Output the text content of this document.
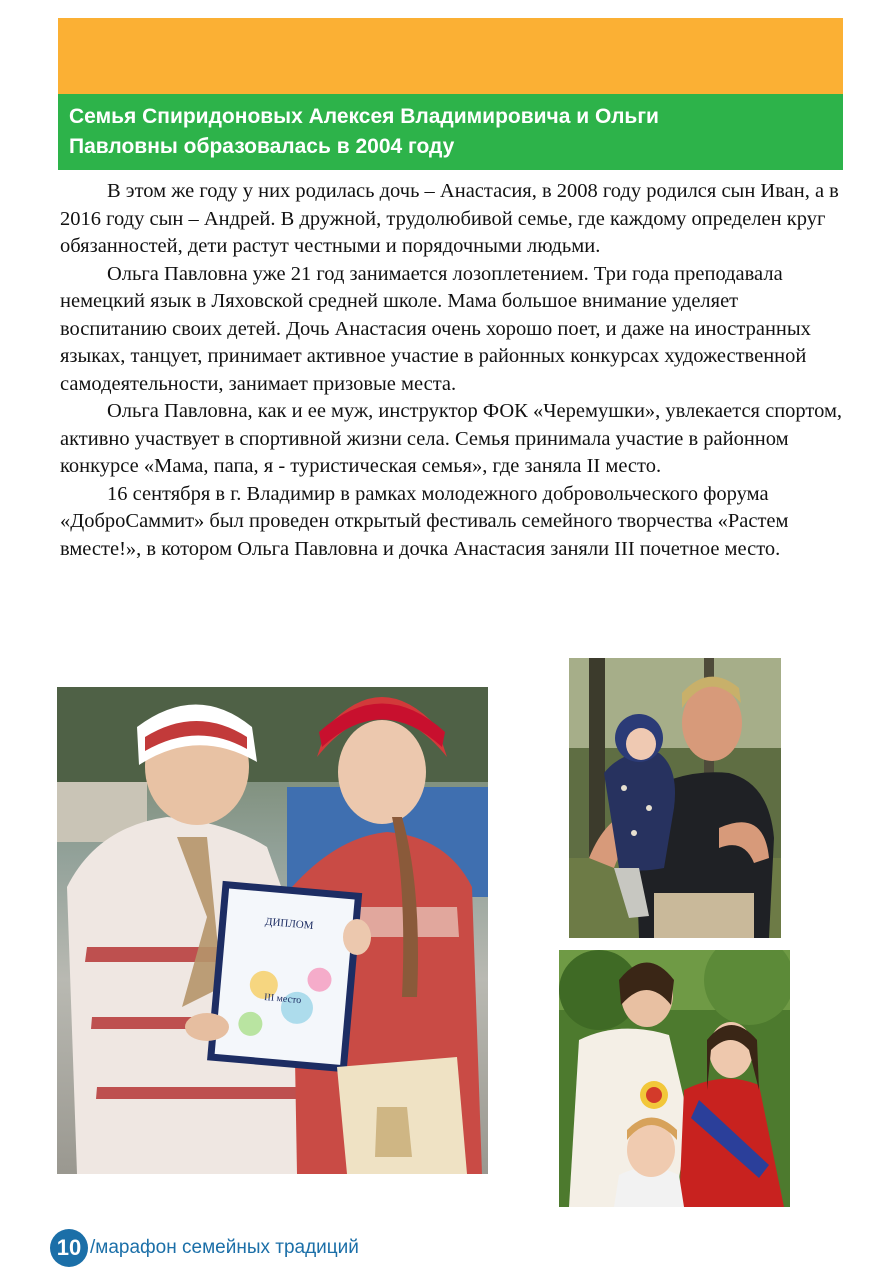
Семья Спиридоновых Алексея Владимировича и Ольги
Павловны образовалась в 2004 году

В этом же году у них родилась дочь – Анастасия, в 2008 году родился сын Иван, а в 2016 году сын – Андрей. В дружной, трудолюбивой семье, где каждому определен круг обязанностей, дети растут честными и порядочными людьми.

Ольга Павловна уже 21 год занимается лозоплетением. Три года преподавала немецкий язык в Ляховской средней школе. Мама большое внимание уделяет воспитанию своих детей. Дочь Анастасия очень хорошо поет, и даже на иностранных языках, танцует, принимает активное участие в районных конкурсах художественной самодеятельности, занимает призовые места.

Ольга Павловна, как и ее муж, инструктор ФОК «Черемушки», увлекается спортом, активно участвует в спортивной жизни села. Семья принимала участие в районном конкурсе «Мама, папа, я - туристическая семья», где заняла II место.

16 сентября в г. Владимир в рамках молодежного добровольческого форума «ДоброСаммит» был проведен открытый фестиваль семейного творчества «Растем вместе!», в котором Ольга Павловна и дочка Анастасия заняли III почетное место.

ДИПЛОМ
III место
10 /марафон семейных традиций
